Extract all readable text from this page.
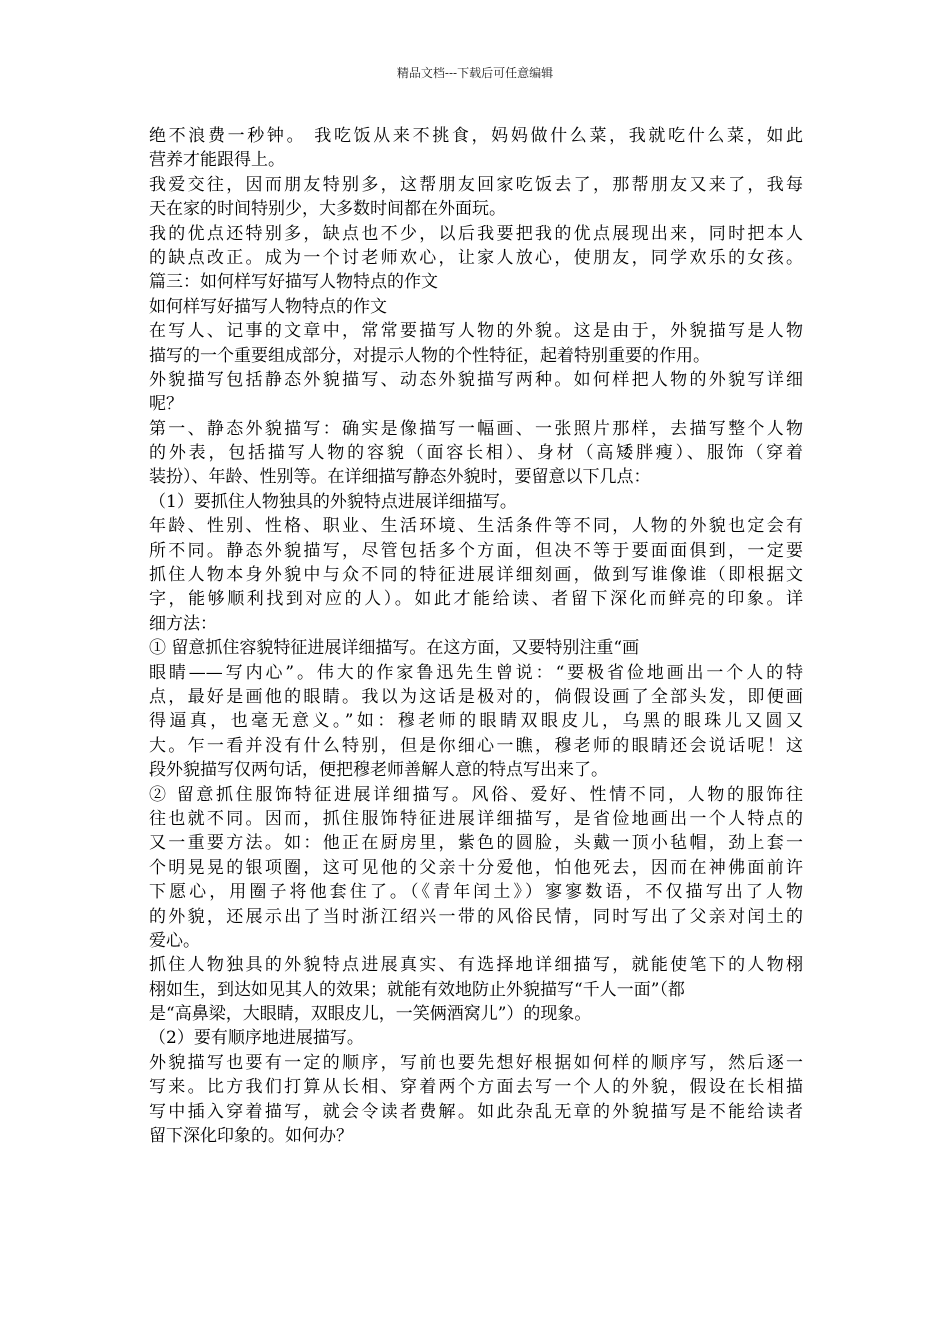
精品文档---下载后可任意编辑
绝不浪费一秒钟。 我吃饭从来不挑食，妈妈做什么菜，我就吃什么菜，如此
营养才能跟得上。
我爱交往，因而朋友特别多，这帮朋友回家吃饭去了，那帮朋友又来了，我每
天在家的时间特别少，大多数时间都在外面玩。
我的优点还特别多，缺点也不少，以后我要把我的优点展现出来，同时把本人
的缺点改正。成为一个讨老师欢心，让家人放心，使朋友，同学欢乐的女孩。
篇三：如何样写好描写人物特点的作文
如何样写好描写人物特点的作文
在写人、记事的文章中，常常要描写人物的外貌。这是由于，外貌描写是人物
描写的一个重要组成部分，对提示人物的个性特征，起着特别重要的作用。
外貌描写包括静态外貌描写、动态外貌描写两种。如何样把人物的外貌写详细
呢？
第一、静态外貌描写：确实是像描写一幅画、一张照片那样，去描写整个人物
的外表，包括描写人物的容貌（面容长相）、身材（高矮胖瘦）、服饰（穿着
装扮）、年龄、性别等。在详细描写静态外貌时，要留意以下几点：
（1）要抓住人物独具的外貌特点进展详细描写。
年龄、性别、性格、职业、生活环境、生活条件等不同，人物的外貌也定会有
所不同。静态外貌描写，尽管包括多个方面，但决不等于要面面俱到，一定要
抓住人物本身外貌中与众不同的特征进展详细刻画，做到写谁像谁（即根据文
字，能够顺利找到对应的人）。如此才能给读、者留下深化而鲜亮的印象。详
细方法：
① 留意抓住容貌特征进展详细描写。在这方面，又要特别注重“画
眼睛——写内心”。伟大的作家鲁迅先生曾说：“要极省俭地画出一个人的特
点，最好是画他的眼睛。我以为这话是极对的，倘假设画了全部头发，即便画
得逼真，也毫无意义。”如：穆老师的眼睛双眼皮儿，乌黑的眼珠儿又圆又
大。乍一看并没有什么特别，但是你细心一瞧，穆老师的眼睛还会说话呢！这
段外貌描写仅两句话，便把穆老师善解人意的特点写出来了。
② 留意抓住服饰特征进展详细描写。风俗、爱好、性情不同，人物的服饰往
往也就不同。因而，抓住服饰特征进展详细描写，是省俭地画出一个人特点的
又一重要方法。如：他正在厨房里，紫色的圆脸，头戴一顶小毡帽，劲上套一
个明晃晃的银项圈，这可见他的父亲十分爱他，怕他死去，因而在神佛面前许
下愿心，用圈子将他套住了。（《青年闰土》）寥寥数语，不仅描写出了人物
的外貌，还展示出了当时浙江绍兴一带的风俗民情，同时写出了父亲对闰土的
爱心。
抓住人物独具的外貌特点进展真实、有选择地详细描写，就能使笔下的人物栩
栩如生，到达如见其人的效果；就能有效地防止外貌描写“千人一面”（都
是“高鼻梁，大眼睛，双眼皮儿，一笑俩酒窝儿”）的现象。
（2）要有顺序地进展描写。
外貌描写也要有一定的顺序，写前也要先想好根据如何样的顺序写，然后逐一
写来。比方我们打算从长相、穿着两个方面去写一个人的外貌，假设在长相描
写中插入穿着描写，就会令读者费解。如此杂乱无章的外貌描写是不能给读者
留下深化印象的。如何办？
